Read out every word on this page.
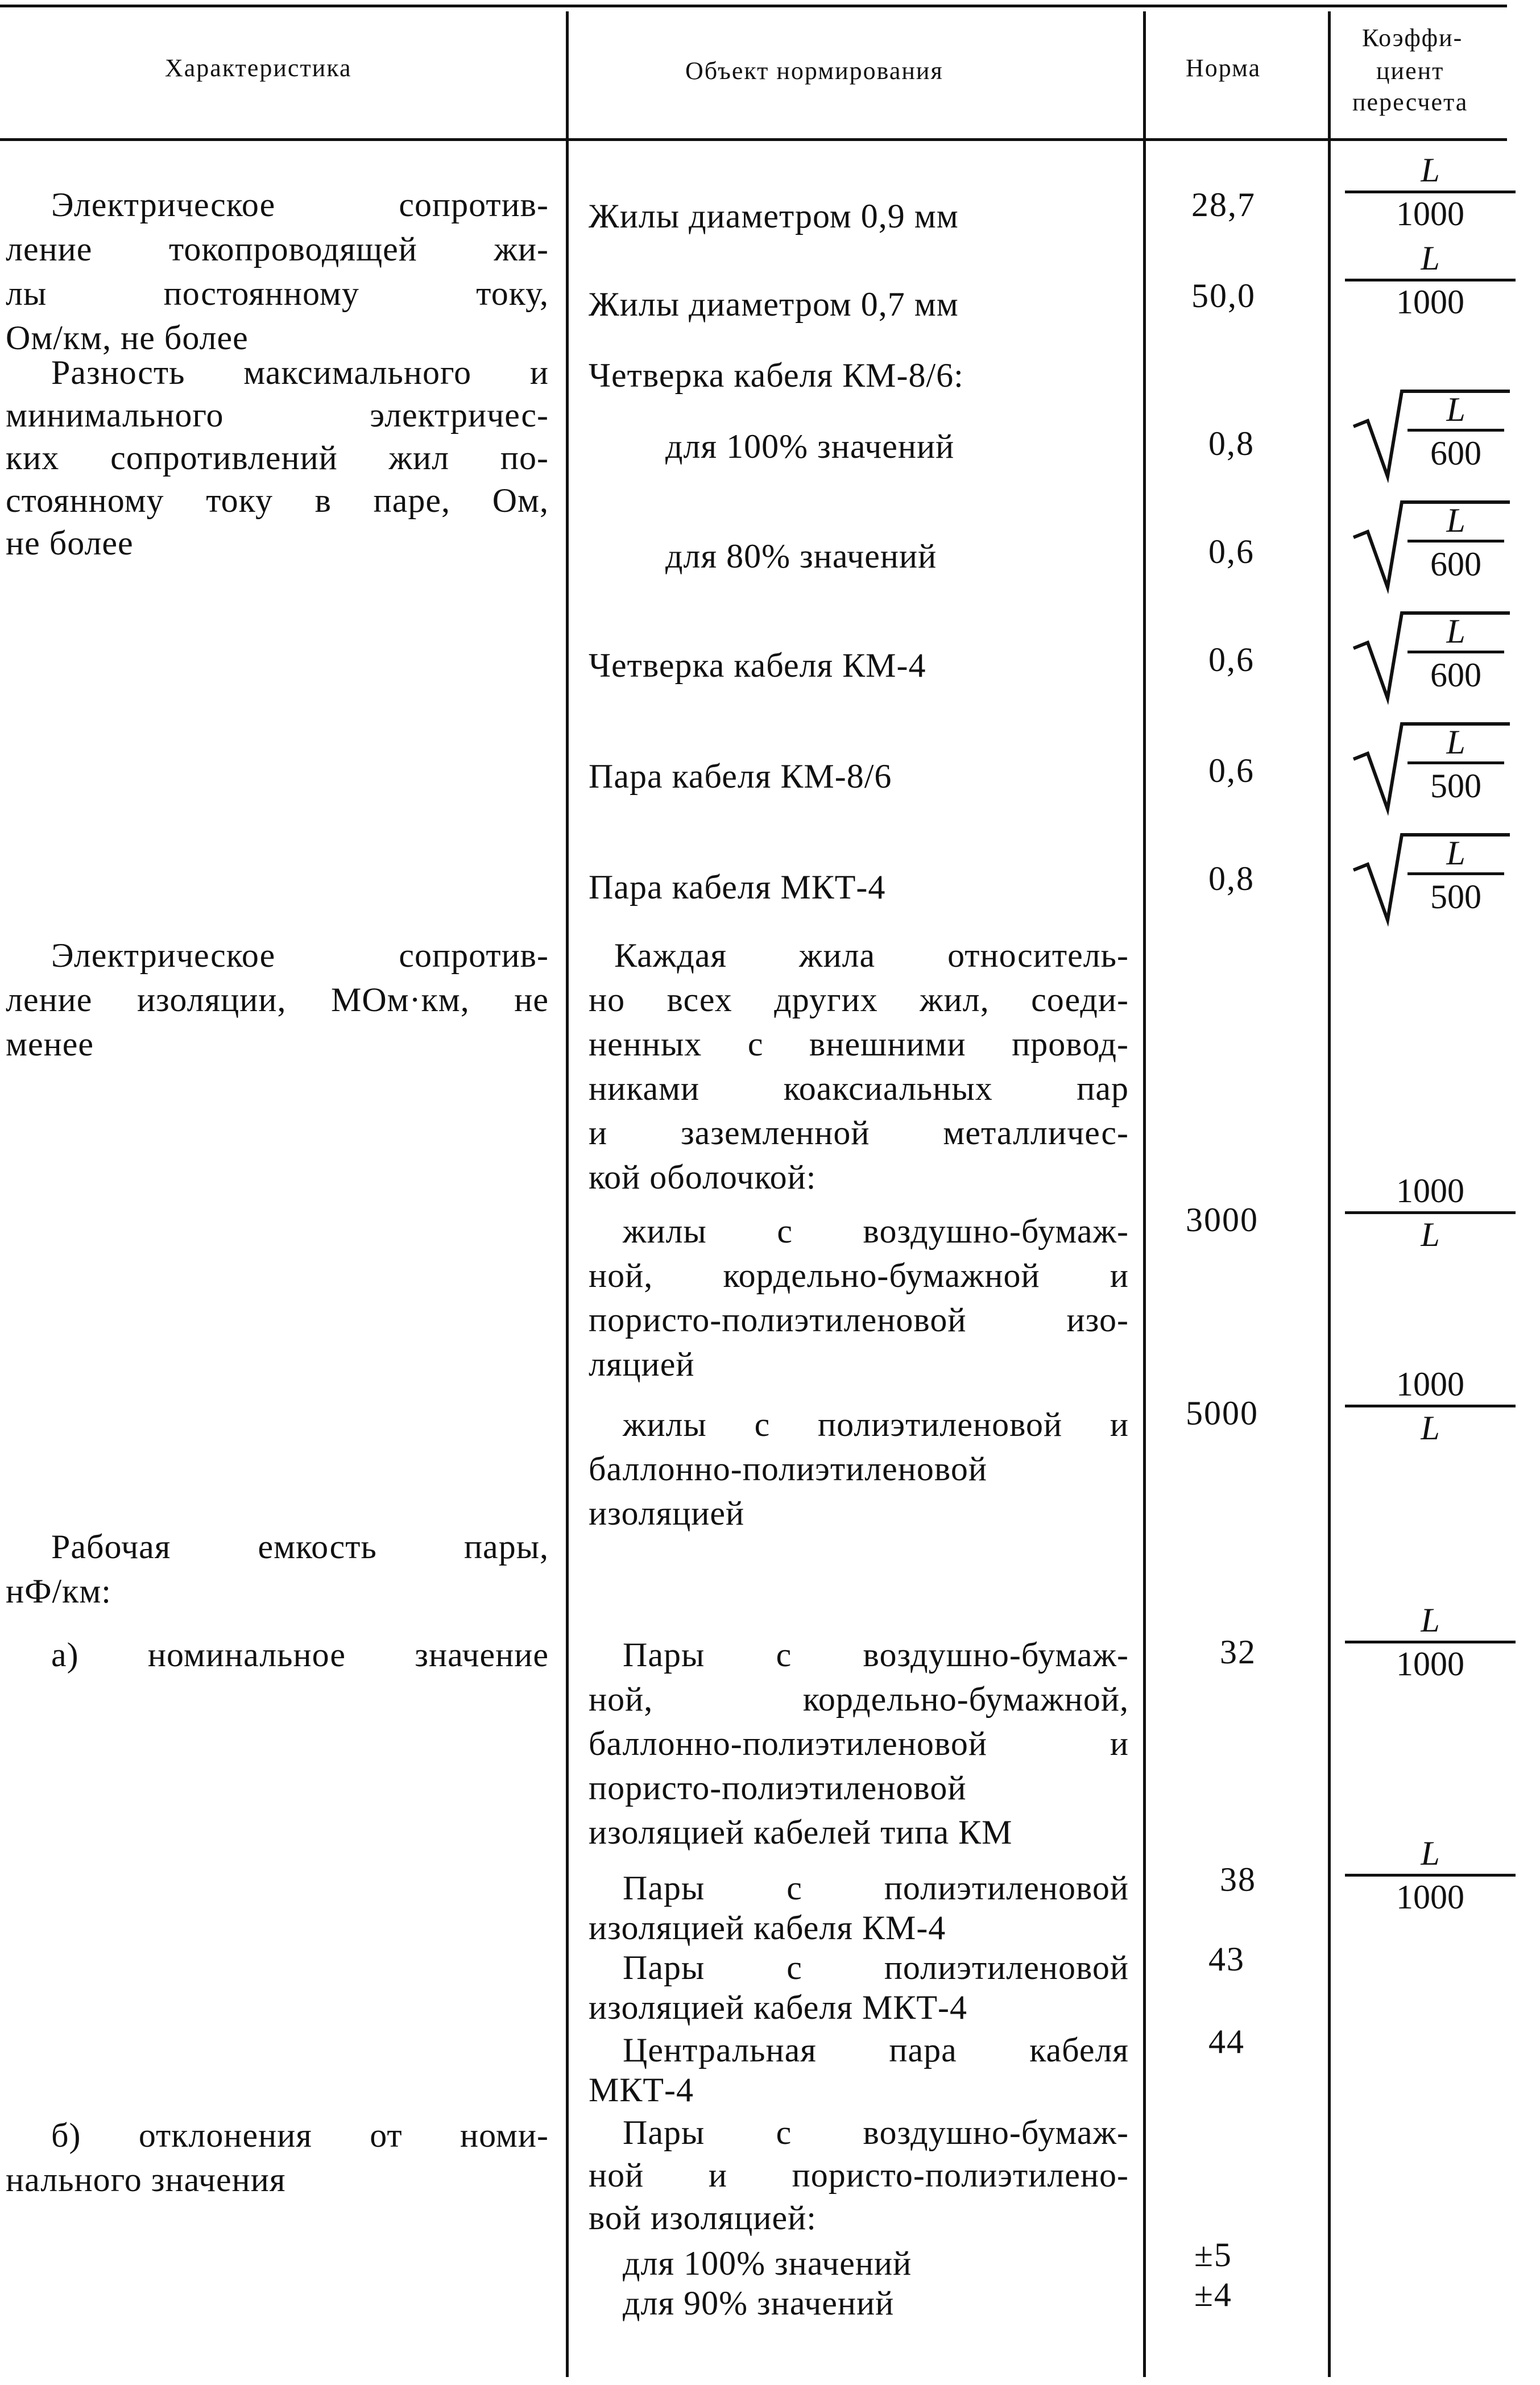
Характеристика	Объект нормирования	Норма
Коэффи-
циент
пересчета
Электрическое сопротив-
ление токопроводящей жи-
лы постоянному току,
Ом/км, не более
Разность максимального и
минимального электричес-
ких сопротивлений жил по-
стоянному току в паре, Ом,
не более
Электрическое сопротив-
ление изоляции, МОм·км, не
менее
Рабочая емкость пары,
нФ/км:
а) номинальное значение
б) отклонения от номи-
нального значения
Жилы диаметром 0,9 мм
Жилы диаметром 0,7 мм
Четверка кабеля КМ-8/6:
для 100% значений
для 80% значений
Четверка кабеля КМ-4
Пара кабеля КМ-8/6
Пара кабеля МКТ-4
Каждая жила относитель-
но всех других жил, соеди-
ненных с внешними провод-
никами коаксиальных пар
и заземленной металличес-
кой оболочкой:
жилы с воздушно-бумаж-
ной, кордельно-бумажной и
пористо-полиэтиленовой изо-
ляцией
жилы с полиэтиленовой и
баллонно-полиэтиленовой
изоляцией
Пары с воздушно-бумаж-
ной, кордельно-бумажной,
баллонно-полиэтиленовой и
пористо-полиэтиленовой
изоляцией кабелей типа КМ
Пары с полиэтиленовой
изоляцией кабеля КМ-4
Пары с полиэтиленовой
изоляцией кабеля МКТ-4
Центральная пара кабеля
МКТ-4
Пары с воздушно-бумаж-
ной и пористо-полиэтилено-
вой изоляцией:
для 100% значений
для 90% значений
28,7
50,0
0,8
0,6
0,6
0,6
0,8
3000
5000
32
38
43
44
±5
±4
L
1000
L
1000
L
600
L
600
L
600
L
500
L
500
1000
L
1000
L
L
1000
L
1000
